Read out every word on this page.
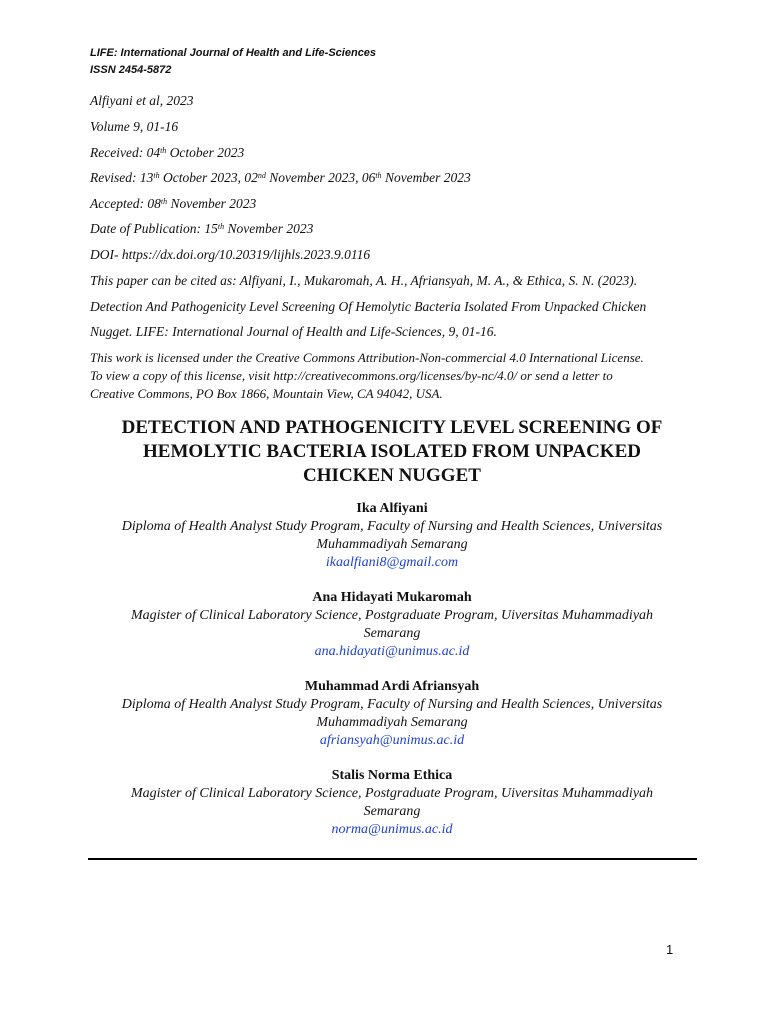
LIFE: International Journal of Health and Life-Sciences
ISSN 2454-5872
Alfiyani et al, 2023
Volume 9, 01-16
Received: 04th October 2023
Revised: 13th October 2023, 02nd November 2023, 06th November 2023
Accepted: 08th November 2023
Date of Publication: 15th November 2023
DOI- https://dx.doi.org/10.20319/lijhls.2023.9.0116
This paper can be cited as: Alfiyani, I., Mukaromah, A. H., Afriansyah, M. A., & Ethica, S. N. (2023).
Detection And Pathogenicity Level Screening Of Hemolytic Bacteria Isolated From Unpacked Chicken
Nugget. LIFE: International Journal of Health and Life-Sciences, 9, 01-16.
This work is licensed under the Creative Commons Attribution-Non-commercial 4.0 International License.
To view a copy of this license, visit http://creativecommons.org/licenses/by-nc/4.0/ or send a letter to
Creative Commons, PO Box 1866, Mountain View, CA 94042, USA.
DETECTION AND PATHOGENICITY LEVEL SCREENING OF
HEMOLYTIC BACTERIA ISOLATED FROM UNPACKED
CHICKEN NUGGET
Ika Alfiyani
Diploma of Health Analyst Study Program, Faculty of Nursing and Health Sciences, Universitas
Muhammadiyah Semarang
ikaalfiani8@gmail.com
Ana Hidayati Mukaromah
Magister of Clinical Laboratory Science, Postgraduate Program, Uiversitas Muhammadiyah
Semarang
ana.hidayati@unimus.ac.id
Muhammad Ardi Afriansyah
Diploma of Health Analyst Study Program, Faculty of Nursing and Health Sciences, Universitas
Muhammadiyah Semarang
afriansyah@unimus.ac.id
Stalis Norma Ethica
Magister of Clinical Laboratory Science, Postgraduate Program, Uiversitas Muhammadiyah
Semarang
norma@unimus.ac.id
1
